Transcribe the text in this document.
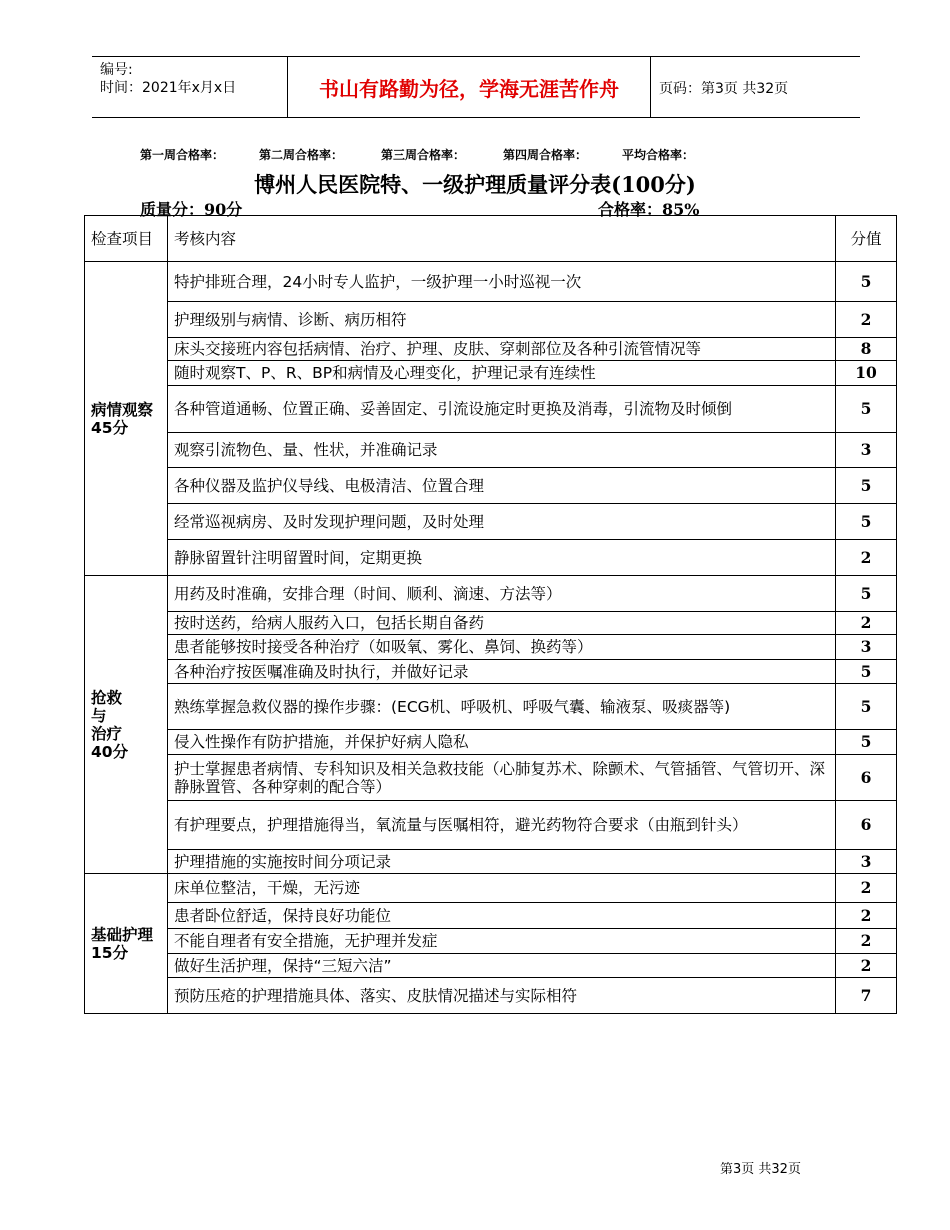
编号:
时间：2021年x月x日	书山有路勤为径，学海无涯苦作舟	页码：第3页 共32页
第一周合格率：	第二周合格率：	第三周合格率：	第四周合格率：	平均合格率：
博州人民医院特、一级护理质量评分表(100分)
质量分：90分	合格率：85%
检查项目	考核内容	分值
病情观察
45分	特护排班合理，24小时专人监护，一级护理一小时巡视一次	5
	护理级别与病情、诊断、病历相符	2
	床头交接班内容包括病情、治疗、护理、皮肤、穿刺部位及各种引流管情况等	8
	随时观察T、P、R、BP和病情及心理变化，护理记录有连续性	10
	各种管道通畅、位置正确、妥善固定、引流设施定时更换及消毒，引流物及时倾倒	5
	观察引流物色、量、性状，并准确记录	3
	各种仪器及监护仪导线、电极清洁、位置合理	5
	经常巡视病房、及时发现护理问题，及时处理	5
	静脉留置针注明留置时间，定期更换	2
抢救
与
治疗
40分	用药及时准确，安排合理（时间、顺利、滴速、方法等）	5
	按时送药，给病人服药入口，包括长期自备药	2
	患者能够按时接受各种治疗（如吸氧、雾化、鼻饲、换药等）	3
	各种治疗按医嘱准确及时执行，并做好记录	5
	熟练掌握急救仪器的操作步骤：(ECG机、呼吸机、呼吸气囊、输液泵、吸痰器等)	5
	侵入性操作有防护措施，并保护好病人隐私	5
	护士掌握患者病情、专科知识及相关急救技能（心肺复苏术、除颤术、气管插管、气管切开、深静脉置管、各种穿刺的配合等）	6
	有护理要点，护理措施得当，氧流量与医嘱相符，避光药物符合要求（由瓶到针头）	6
	护理措施的实施按时间分项记录	3
基础护理
15分	床单位整洁，干燥，无污迹	2
	患者卧位舒适，保持良好功能位	2
	不能自理者有安全措施，无护理并发症	2
	做好生活护理，保持“三短六洁”	2
	预防压疮的护理措施具体、落实、皮肤情况描述与实际相符	7
第3页 共32页
